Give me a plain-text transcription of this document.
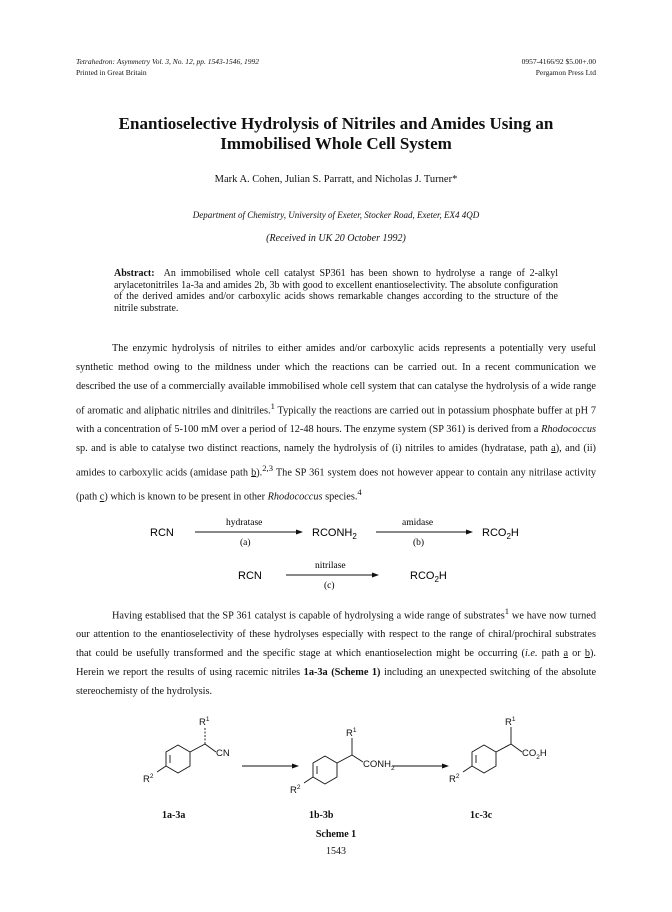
Tetrahedron: Asymmetry Vol. 3, No. 12, pp. 1543-1546, 1992
Printed in Great Britain
0957-4166/92 $5.00+.00
Pergamon Press Ltd
Enantioselective Hydrolysis of Nitriles and Amides Using an
Immobilised Whole Cell System
Mark A. Cohen, Julian S. Parratt, and Nicholas J. Turner*
Department of Chemistry, University of Exeter, Stocker Road, Exeter, EX4 4QD
(Received in UK 20 October 1992)
Abstract: An immobilised whole cell catalyst SP361 has been shown to hydrolyse a range of 2-alkyl arylacetonitriles 1a-3a and amides 2b, 3b with good to excellent enantioselectivity. The absolute configuration of the derived amides and/or carboxylic acids shows remarkable changes according to the structure of the nitrile substrate.
The enzymic hydrolysis of nitriles to either amides and/or carboxylic acids represents a potentially very useful synthetic method owing to the mildness under which the reactions can be carried out. In a recent communication we described the use of a commercially available immobilised whole cell system that can catalyse the hydrolysis of a wide range of aromatic and aliphatic nitriles and dinitriles.$^1$ Typically the reactions are carried out in potassium phosphate buffer at pH 7 with a concentration of 5-100 mM over a period of 12-48 hours. The enzyme system (SP 361) is derived from a Rhodococcus sp. and is able to catalyse two distinct reactions, namely the hydrolysis of (i) nitriles to amides (hydratase, path a), and (ii) amides to carboxylic acids (amidase path b).$^{2,3}$ The SP 361 system does not however appear to contain any nitrilase activity (path c) which is known to be present in other Rhodococcus species.$^4$
Having establised that the SP 361 catalyst is capable of hydrolysing a wide range of substrates$^1$ we have now turned our attention to the enantioselectivity of these hydrolyses especially with respect to the range of chiral/prochiral substrates that could be usefully transformed and the specific stage at which enantioselection might be occurring (i.e. path a or b). Herein we report the results of using racemic nitriles 1a-3a (Scheme 1) including an unexpected switching of the absolute stereochemisty of the hydrolysis.
RCN
hydratase
(a)
$RCONH_2$
amidase
(b)
$RCO_2H$
RCN
nitrilase
(c)
$RCO_2H$
$R^1$
CN
$R^2$
$R^1$
$CONH_2$
$R^2$
$R^1$
$CO_2H$
$R^2$
1a-3a	1b-3b	1c-3c
Scheme 1
1543
